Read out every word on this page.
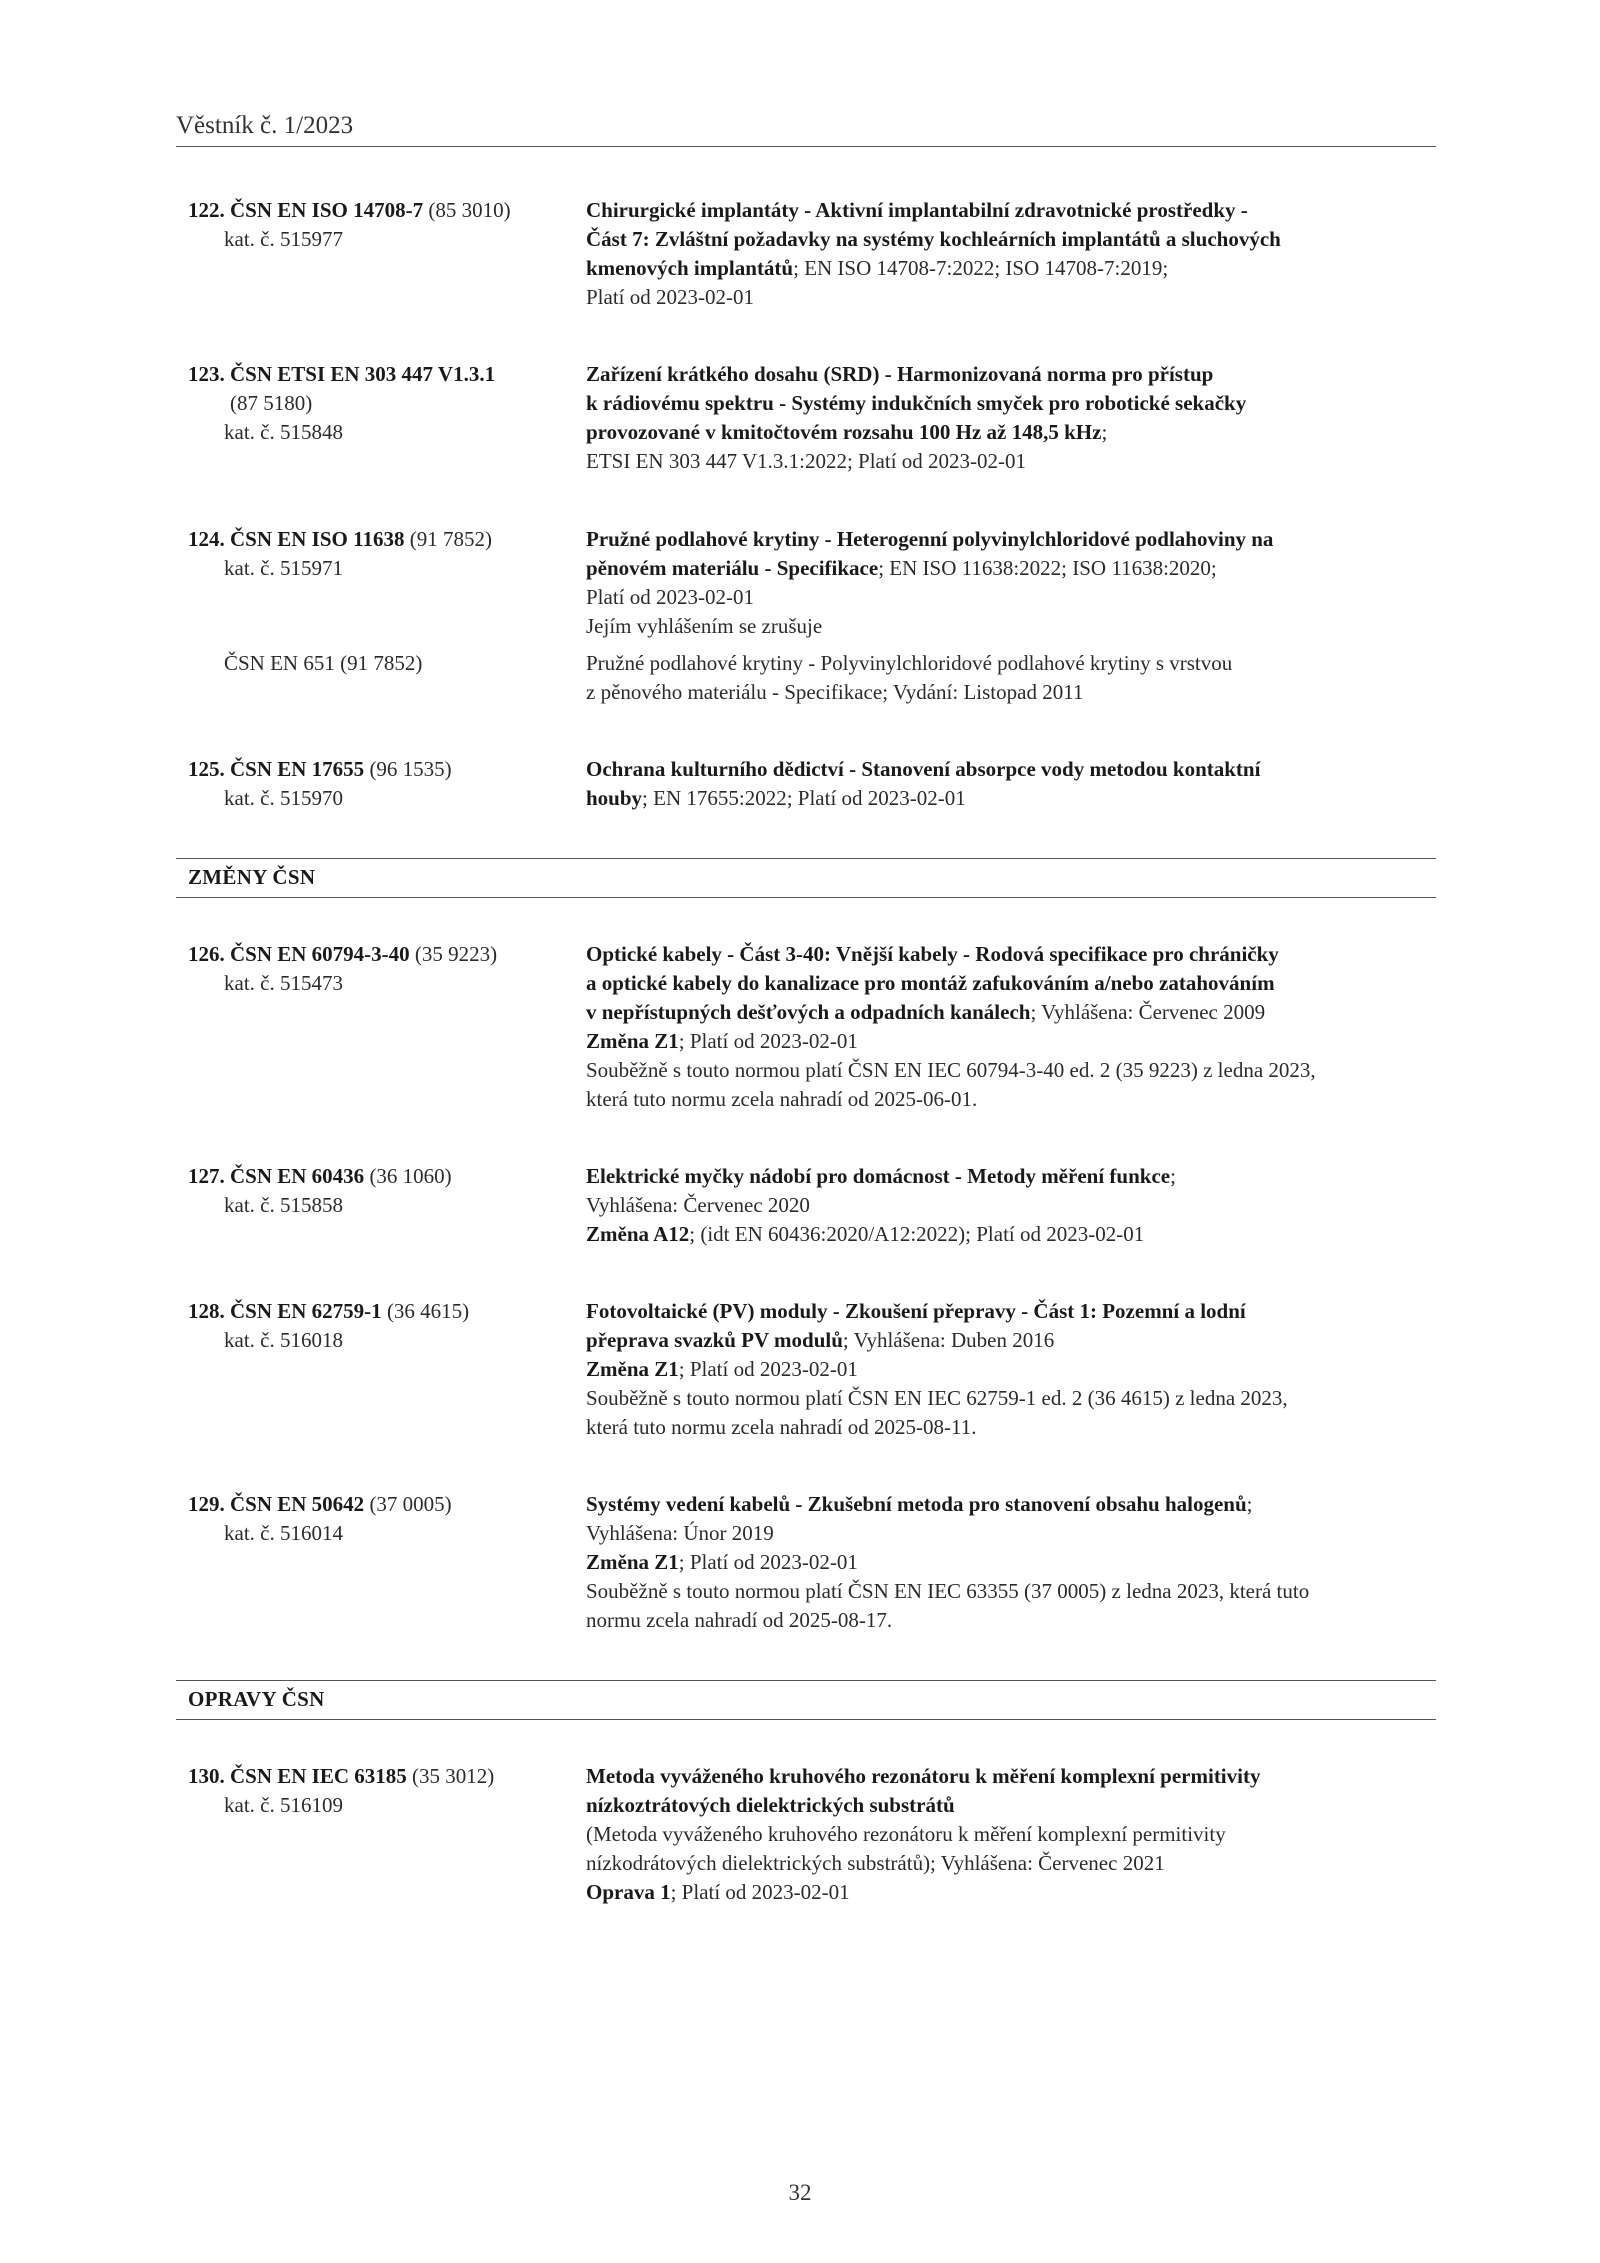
Věstník č. 1/2023
122. ČSN EN ISO 14708-7 (85 3010)
kat. č. 515977
Chirurgické implantáty - Aktivní implantabilní zdravotnické prostředky -
Část 7: Zvláštní požadavky na systémy kochleárních implantátů a sluchových
kmenových implantátů; EN ISO 14708-7:2022; ISO 14708-7:2019;
Platí od 2023-02-01
123. ČSN ETSI EN 303 447 V1.3.1
(87 5180)
kat. č. 515848
Zařízení krátkého dosahu (SRD) - Harmonizovaná norma pro přístup
k rádiovému spektru - Systémy indukčních smyček pro robotické sekačky
provozované v kmitočtovém rozsahu 100 Hz až 148,5 kHz;
ETSI EN 303 447 V1.3.1:2022; Platí od 2023-02-01
124. ČSN EN ISO 11638 (91 7852)
kat. č. 515971
ČSN EN 651 (91 7852)
Pružné podlahové krytiny - Heterogenní polyvinylchloridové podlahoviny na
pěnovém materiálu - Specifikace; EN ISO 11638:2022; ISO 11638:2020;
Platí od 2023-02-01
Jejím vyhlášením se zrušuje
Pružné podlahové krytiny - Polyvinylchloridové podlahové krytiny s vrstvou
z pěnového materiálu - Specifikace; Vydání: Listopad 2011
125. ČSN EN 17655 (96 1535)
kat. č. 515970
Ochrana kulturního dědictví - Stanovení absorpce vody metodou kontaktní
houby; EN 17655:2022; Platí od 2023-02-01
ZMĚNY ČSN
126. ČSN EN 60794-3-40 (35 9223)
kat. č. 515473
Optické kabely - Část 3-40: Vnější kabely - Rodová specifikace pro chráničky
a optické kabely do kanalizace pro montáž zafukováním a/nebo zatahováním
v nepřístupných dešťových a odpadních kanálech; Vyhlášena: Červenec 2009
Změna Z1; Platí od 2023-02-01
Souběžně s touto normou platí ČSN EN IEC 60794-3-40 ed. 2 (35 9223) z ledna 2023,
která tuto normu zcela nahradí od 2025-06-01.
127. ČSN EN 60436 (36 1060)
kat. č. 515858
Elektrické myčky nádobí pro domácnost - Metody měření funkce;
Vyhlášena: Červenec 2020
Změna A12; (idt EN 60436:2020/A12:2022); Platí od 2023-02-01
128. ČSN EN 62759-1 (36 4615)
kat. č. 516018
Fotovoltaické (PV) moduly - Zkoušení přepravy - Část 1: Pozemní a lodní
přeprava svazků PV modulů; Vyhlášena: Duben 2016
Změna Z1; Platí od 2023-02-01
Souběžně s touto normou platí ČSN EN IEC 62759-1 ed. 2 (36 4615) z ledna 2023,
která tuto normu zcela nahradí od 2025-08-11.
129. ČSN EN 50642 (37 0005)
kat. č. 516014
Systémy vedení kabelů - Zkušební metoda pro stanovení obsahu halogenů;
Vyhlášena: Únor 2019
Změna Z1; Platí od 2023-02-01
Souběžně s touto normou platí ČSN EN IEC 63355 (37 0005) z ledna 2023, která tuto
normu zcela nahradí od 2025-08-17.
OPRAVY ČSN
130. ČSN EN IEC 63185 (35 3012)
kat. č. 516109
Metoda vyváženého kruhového rezonátoru k měření komplexní permitivity
nízkoztrátových dielektrických substrátů
(Metoda vyváženého kruhového rezonátoru k měření komplexní permitivity
nízkodrátových dielektrických substrátů); Vyhlášena: Červenec 2021
Oprava 1; Platí od 2023-02-01
32
